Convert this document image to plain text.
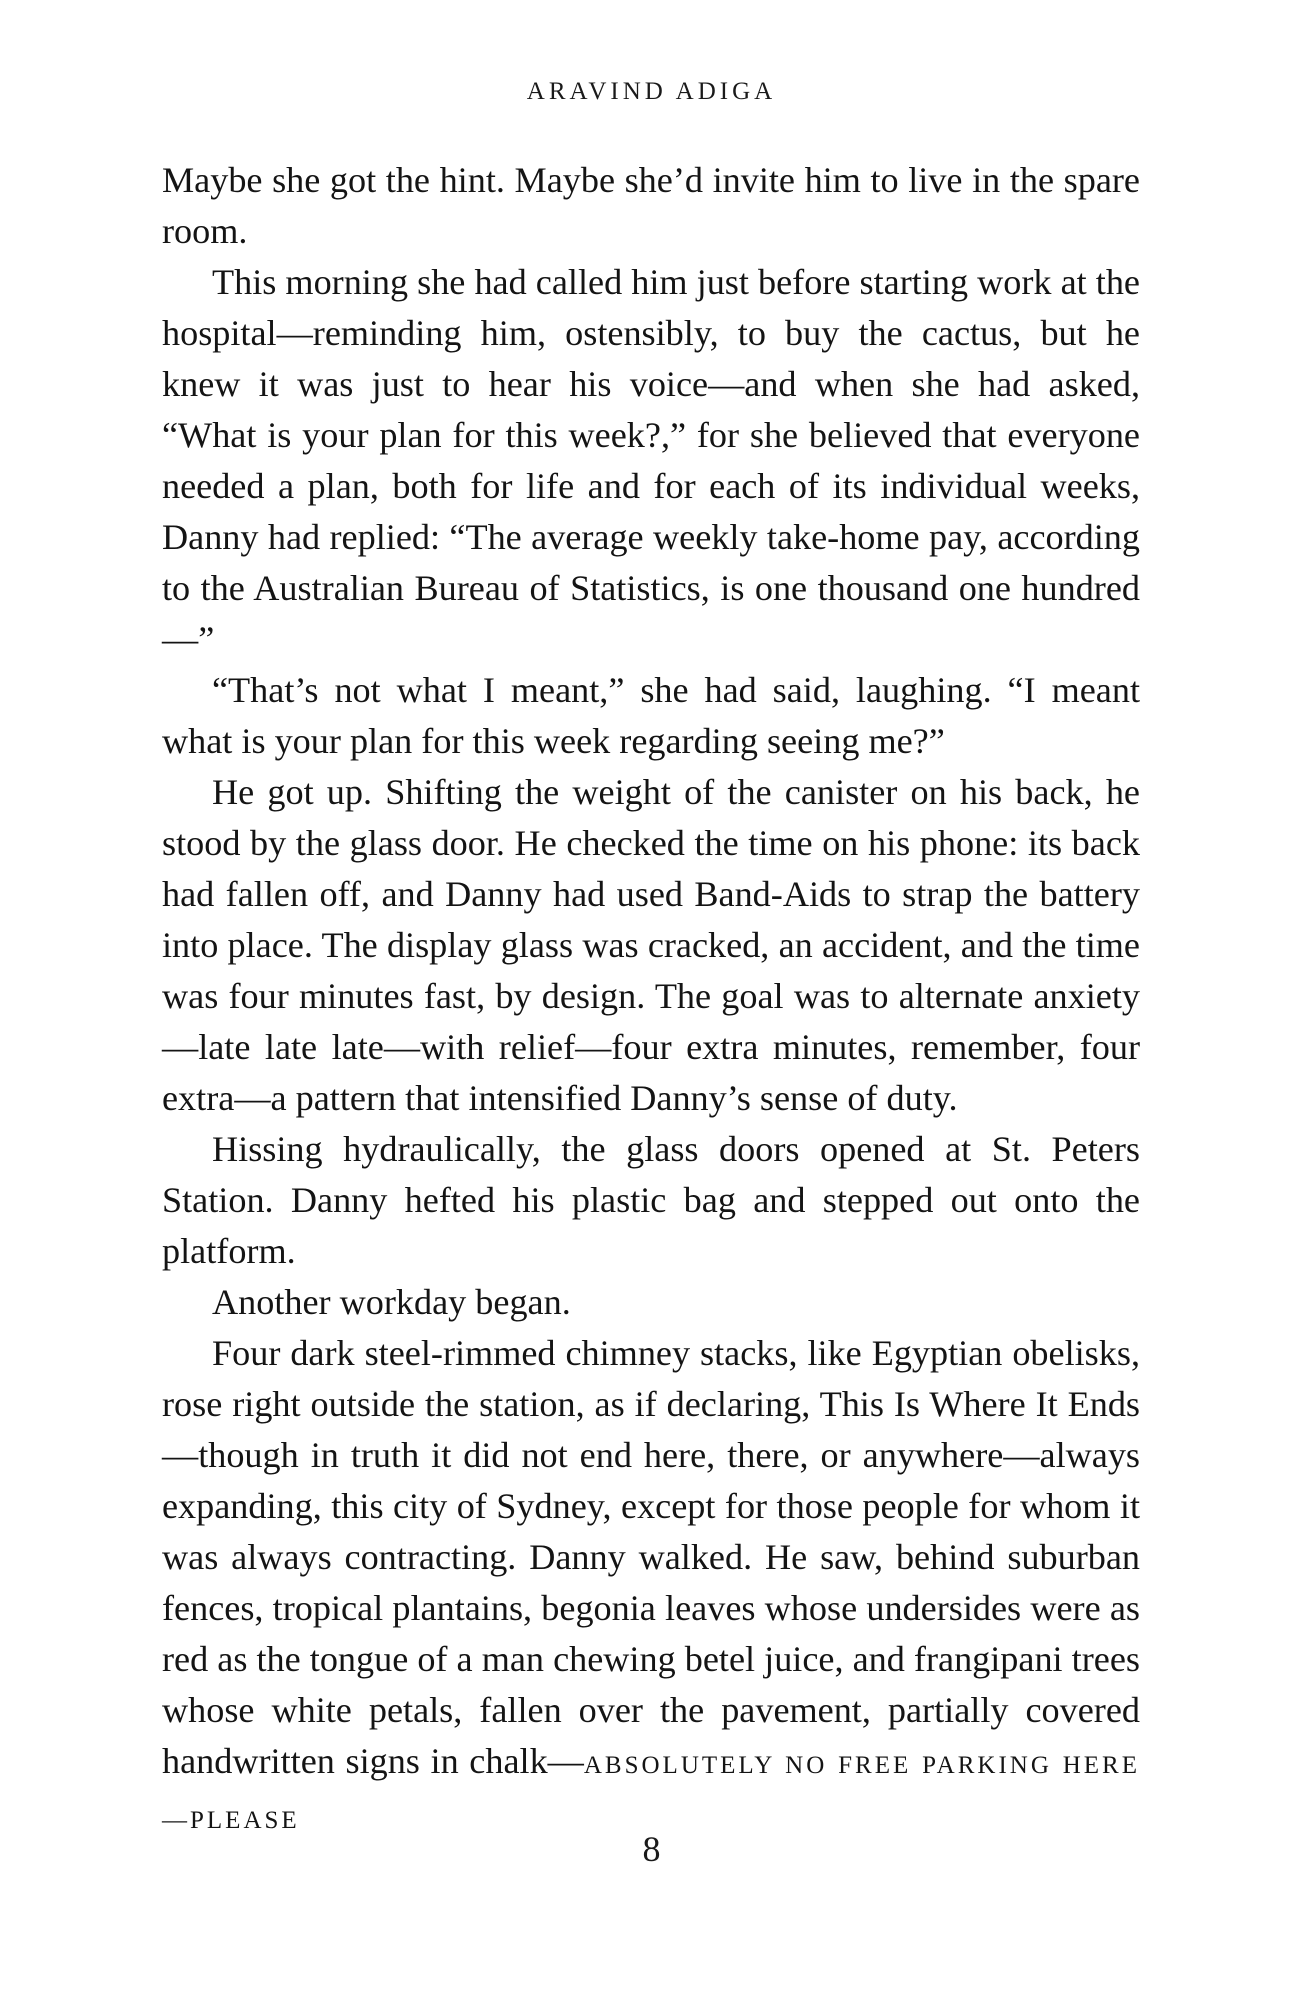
ARAVIND ADIGA

Maybe she got the hint. Maybe she’d invite him to live in the spare room.

This morning she had called him just before starting work at the hospital—reminding him, ostensibly, to buy the cactus, but he knew it was just to hear his voice—and when she had asked, “What is your plan for this week?,” for she believed that everyone needed a plan, both for life and for each of its individual weeks, Danny had replied: “The average weekly take-home pay, according to the Australian Bureau of Statistics, is one thousand one hundred—”

“That’s not what I meant,” she had said, laughing. “I meant what is your plan for this week regarding seeing me?”

He got up. Shifting the weight of the canister on his back, he stood by the glass door. He checked the time on his phone: its back had fallen off, and Danny had used Band-Aids to strap the battery into place. The display glass was cracked, an accident, and the time was four minutes fast, by design. The goal was to alternate anxiety—late late late—with relief—four extra minutes, remember, four extra—a pattern that intensified Danny’s sense of duty.

Hissing hydraulically, the glass doors opened at St. Peters Station. Danny hefted his plastic bag and stepped out onto the platform.

Another workday began.

Four dark steel-rimmed chimney stacks, like Egyptian obelisks, rose right outside the station, as if declaring, This Is Where It Ends—though in truth it did not end here, there, or anywhere—always expanding, this city of Sydney, except for those people for whom it was always contracting. Danny walked. He saw, behind suburban fences, tropical plantains, begonia leaves whose undersides were as red as the tongue of a man chewing betel juice, and frangipani trees whose white petals, fallen over the pavement, partially covered handwritten signs in chalk—ABSOLUTELY NO FREE PARKING HERE—PLEASE

8
